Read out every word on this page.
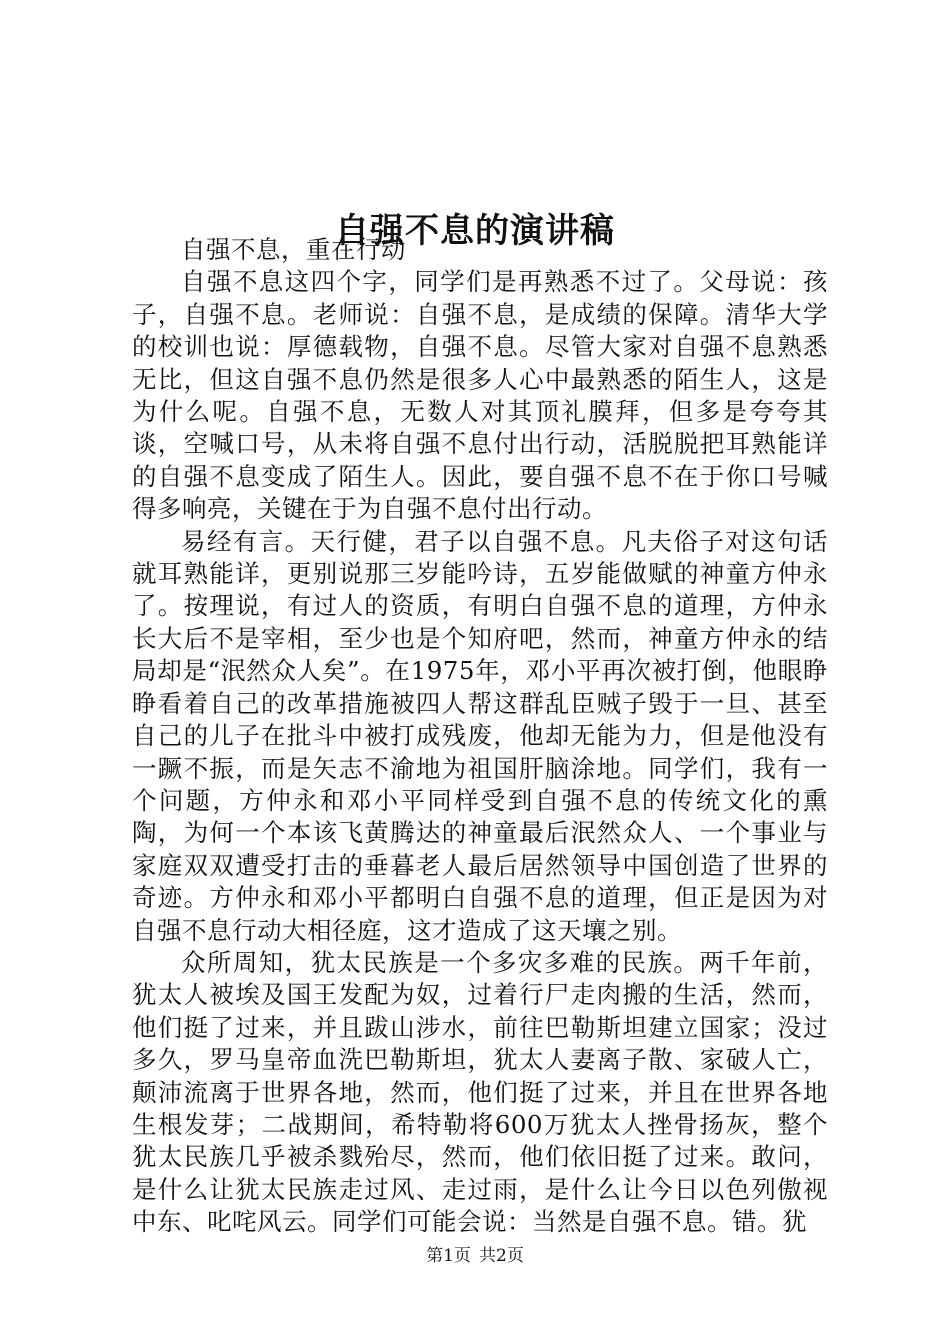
自强不息的演讲稿

自强不息，重在行动

自强不息这四个字，同学们是再熟悉不过了。父母说：孩子，自强不息。老师说：自强不息，是成绩的保障。清华大学的校训也说：厚德载物，自强不息。尽管大家对自强不息熟悉无比，但这自强不息仍然是很多人心中最熟悉的陌生人，这是为什么呢。自强不息，无数人对其顶礼膜拜，但多是夸夸其谈，空喊口号，从未将自强不息付出行动，活脱脱把耳熟能详的自强不息变成了陌生人。因此，要自强不息不在于你口号喊得多响亮，关键在于为自强不息付出行动。

易经有言。天行健，君子以自强不息。凡夫俗子对这句话就耳熟能详，更别说那三岁能吟诗，五岁能做赋的神童方仲永了。按理说，有过人的资质，有明白自强不息的道理，方仲永长大后不是宰相，至少也是个知府吧，然而，神童方仲永的结局却是“泯然众人矣”。在1975年，邓小平再次被打倒，他眼睁睁看着自己的改革措施被四人帮这群乱臣贼子毁于一旦、甚至自己的儿子在批斗中被打成残废，他却无能为力，但是他没有一蹶不振，而是矢志不渝地为祖国肝脑涂地。同学们，我有一个问题，方仲永和邓小平同样受到自强不息的传统文化的熏陶，为何一个本该飞黄腾达的神童最后泯然众人、一个事业与家庭双双遭受打击的垂暮老人最后居然领导中国创造了世界的奇迹。方仲永和邓小平都明白自强不息的道理，但正是因为对自强不息行动大相径庭，这才造成了这天壤之别。

众所周知，犹太民族是一个多灾多难的民族。两千年前，犹太人被埃及国王发配为奴，过着行尸走肉搬的生活，然而，他们挺了过来，并且跋山涉水，前往巴勒斯坦建立国家；没过多久，罗马皇帝血洗巴勒斯坦，犹太人妻离子散、家破人亡，颠沛流离于世界各地，然而，他们挺了过来，并且在世界各地生根发芽；二战期间，希特勒将600万犹太人挫骨扬灰，整个犹太民族几乎被杀戮殆尽，然而，他们依旧挺了过来。敢问，是什么让犹太民族走过风、走过雨，是什么让今日以色列傲视中东、叱咤风云。同学们可能会说：当然是自强不息。错。犹

第1页 共2页
